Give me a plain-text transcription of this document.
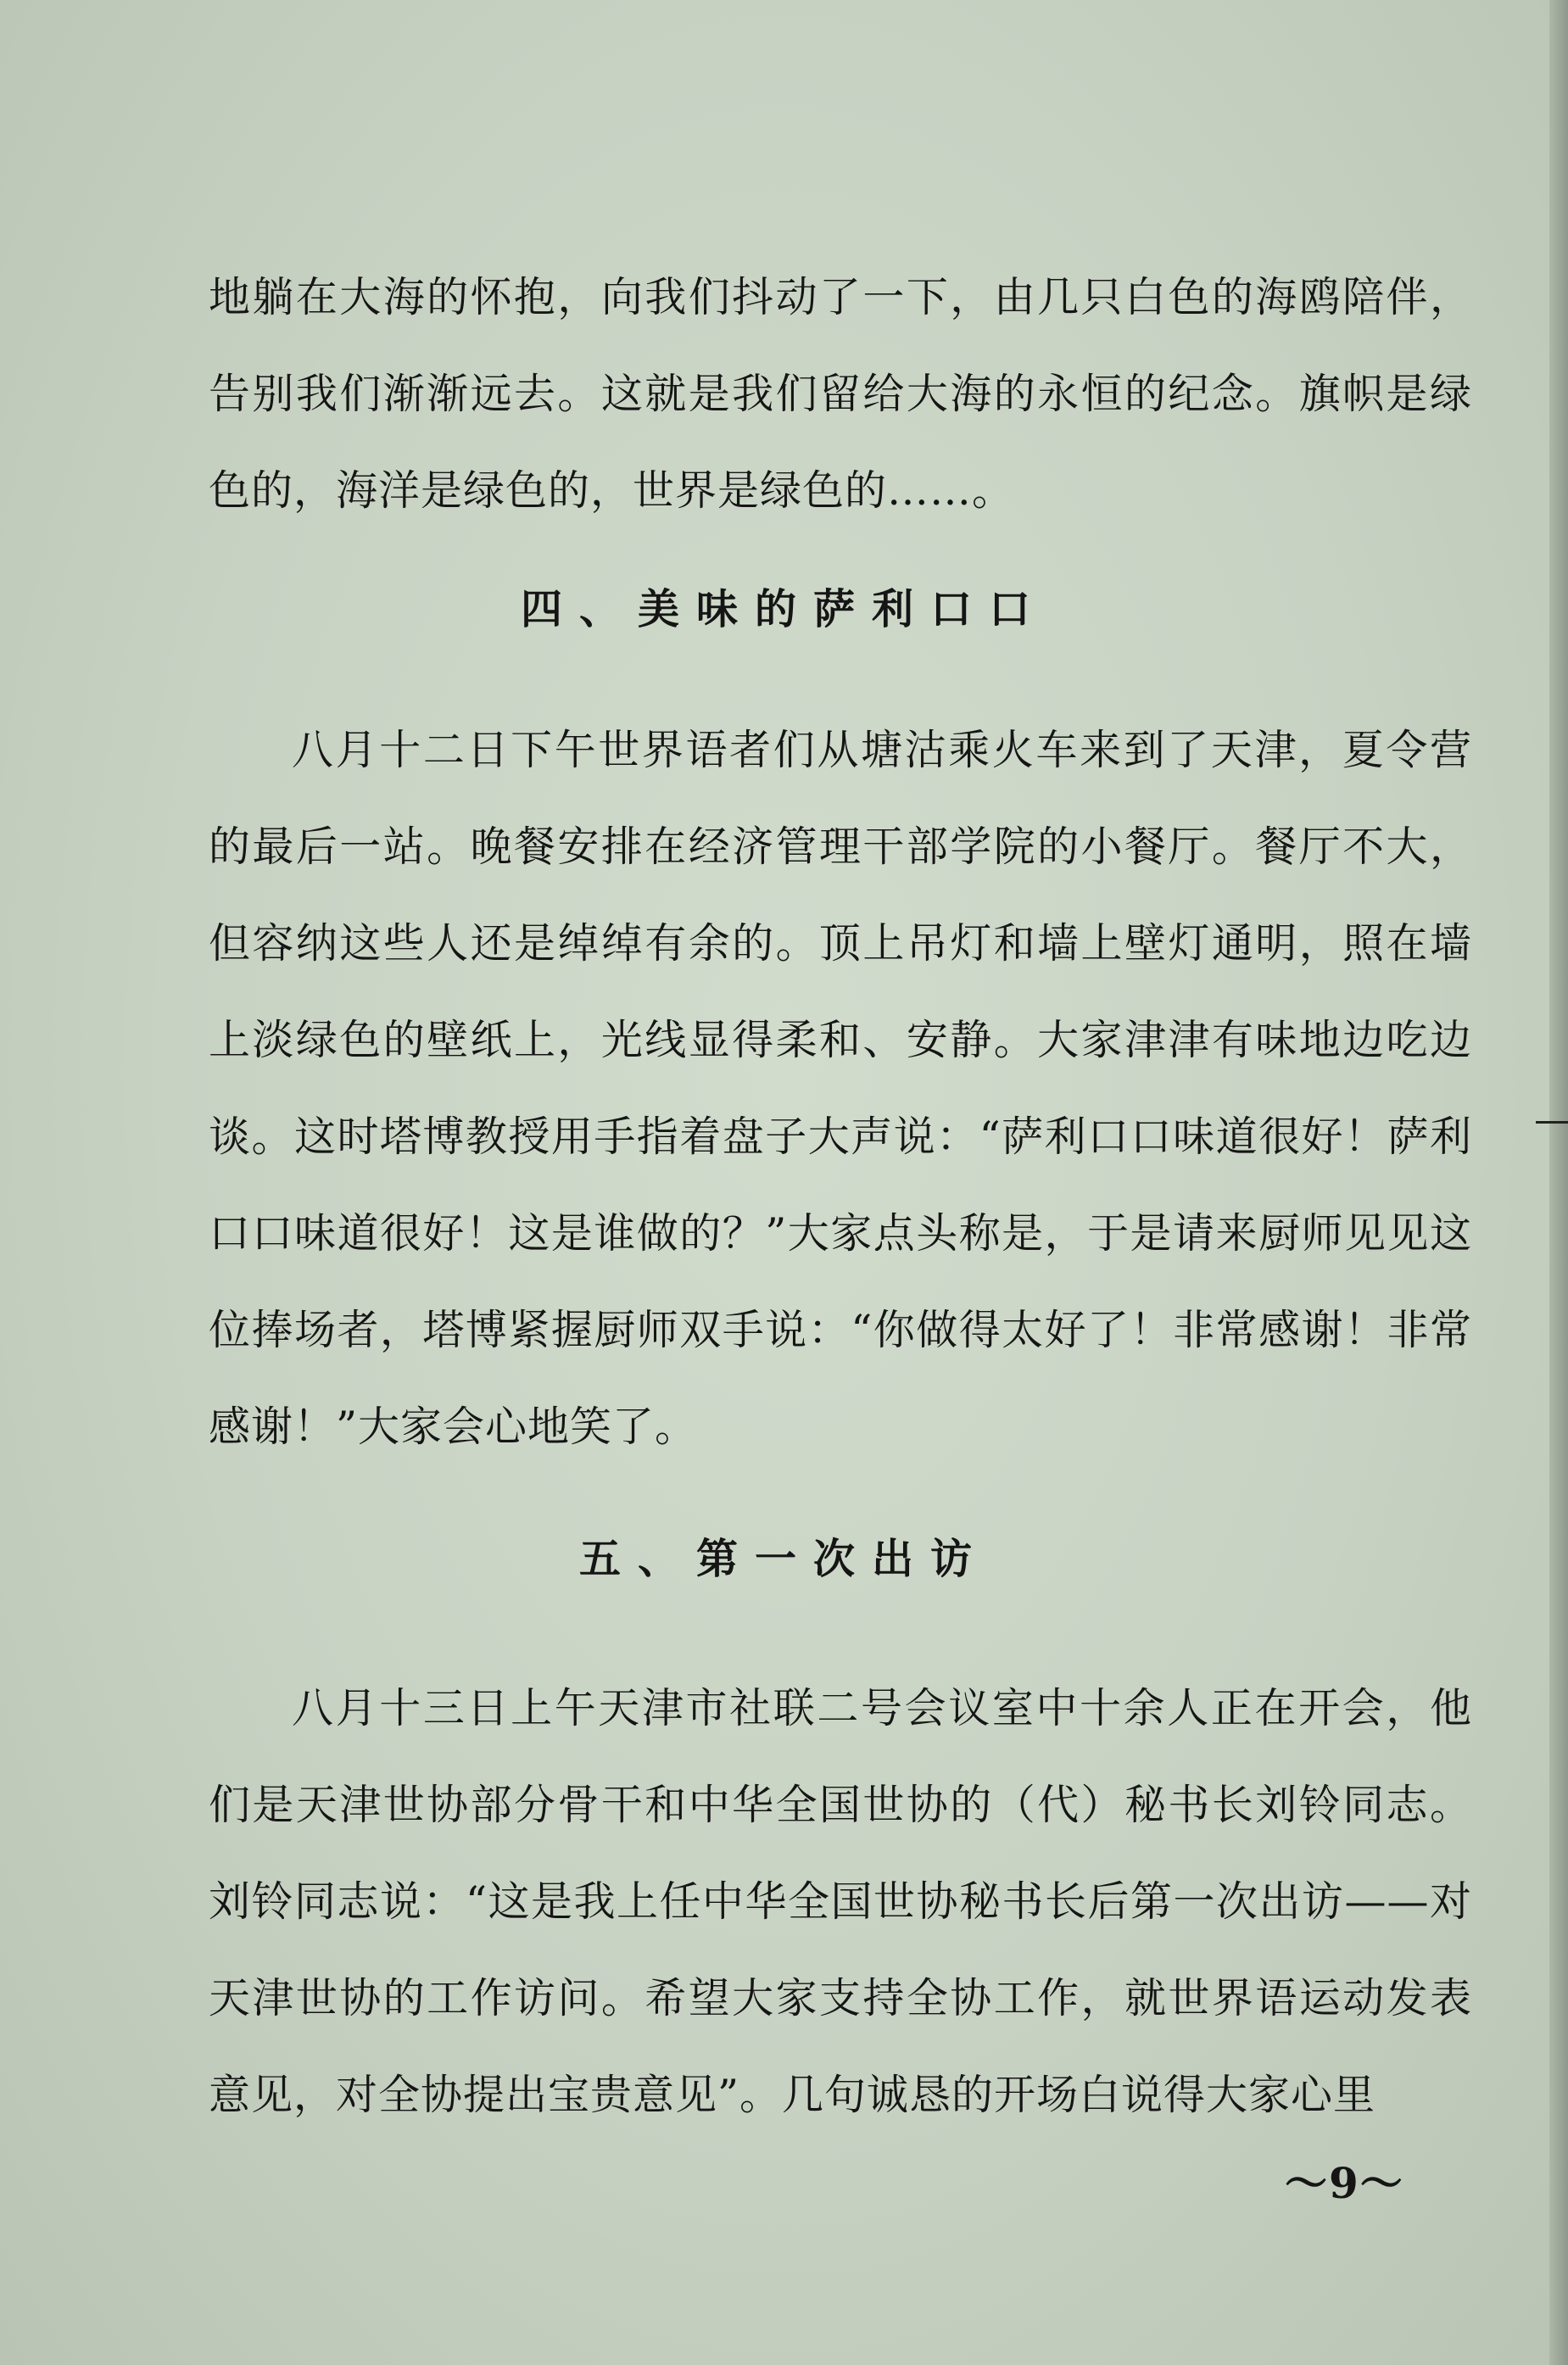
地躺在大海的怀抱，向我们抖动了一下，由几只白色的海鸥陪伴，告别我们渐渐远去。这就是我们留给大海的永恒的纪念。旗帜是绿色的，海洋是绿色的，世界是绿色的……。

四、美味的萨利口口

八月十二日下午世界语者们从塘沽乘火车来到了天津，夏令营的最后一站。晚餐安排在经济管理干部学院的小餐厅。餐厅不大，但容纳这些人还是绰绰有余的。顶上吊灯和墙上壁灯通明，照在墙上淡绿色的壁纸上，光线显得柔和、安静。大家津津有味地边吃边谈。这时塔博教授用手指着盘子大声说：“萨利口口味道很好！萨利口口味道很好！这是谁做的？”大家点头称是，于是请来厨师见见这位捧场者，塔博紧握厨师双手说：“你做得太好了！非常感谢！非常感谢！”大家会心地笑了。

五、第一次出访

八月十三日上午天津市社联二号会议室中十余人正在开会，他们是天津世协部分骨干和中华全国世协的（代）秘书长刘铃同志。刘铃同志说：“这是我上任中华全国世协秘书长后第一次出访——对天津世协的工作访问。希望大家支持全协工作，就世界语运动发表意见，对全协提出宝贵意见”。几句诚恳的开场白说得大家心里

～9～
